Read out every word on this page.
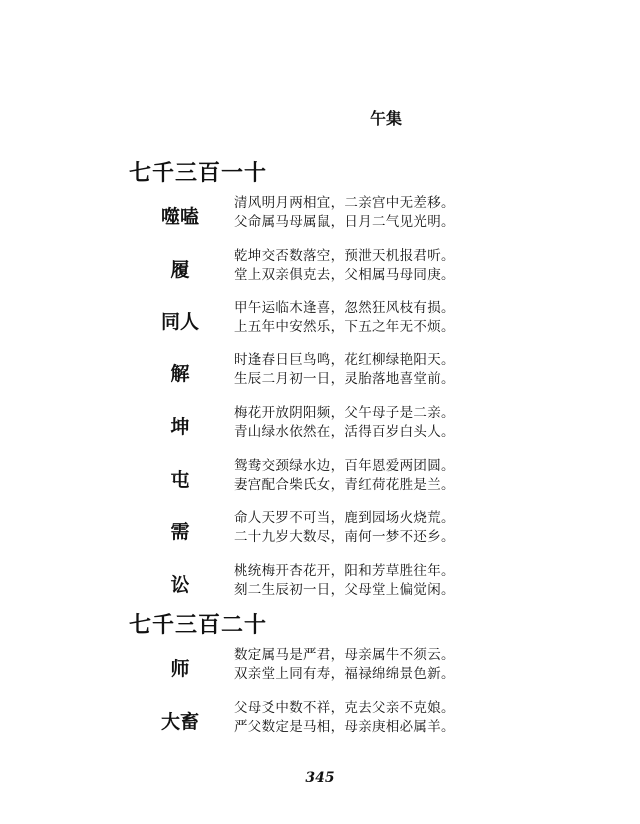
午集
七千三百一十
噬嗑
清风明月两相宜，二亲宫中无差移。
父命属马母属鼠，日月二气见光明。
履
乾坤交否数落空，预泄天机报君听。
堂上双亲俱克去，父相属马母同庚。
同人
甲午运临木逢喜，忽然狂风枝有损。
上五年中安然乐，下五之年无不烦。
解
时逢春日巨鸟鸣，花红柳绿艳阳天。
生辰二月初一日，灵胎落地喜堂前。
坤
梅花开放阴阳频，父午母子是二亲。
青山绿水依然在，活得百岁白头人。
屯
鸳鸯交颈绿水边，百年恩爱两团圆。
妻宫配合柴氏女，青红荷花胜是兰。
需
命人天罗不可当，鹿到园场火烧荒。
二十九岁大数尽，南何一梦不还乡。
讼
桃统梅开杏花开，阳和芳草胜往年。
刻二生辰初一日，父母堂上偏觉闲。
七千三百二十
师
数定属马是严君，母亲属牛不须云。
双亲堂上同有寿，福禄绵绵景色新。
大畜
父母爻中数不祥，克去父亲不克娘。
严父数定是马相，母亲庚相必属羊。
345
